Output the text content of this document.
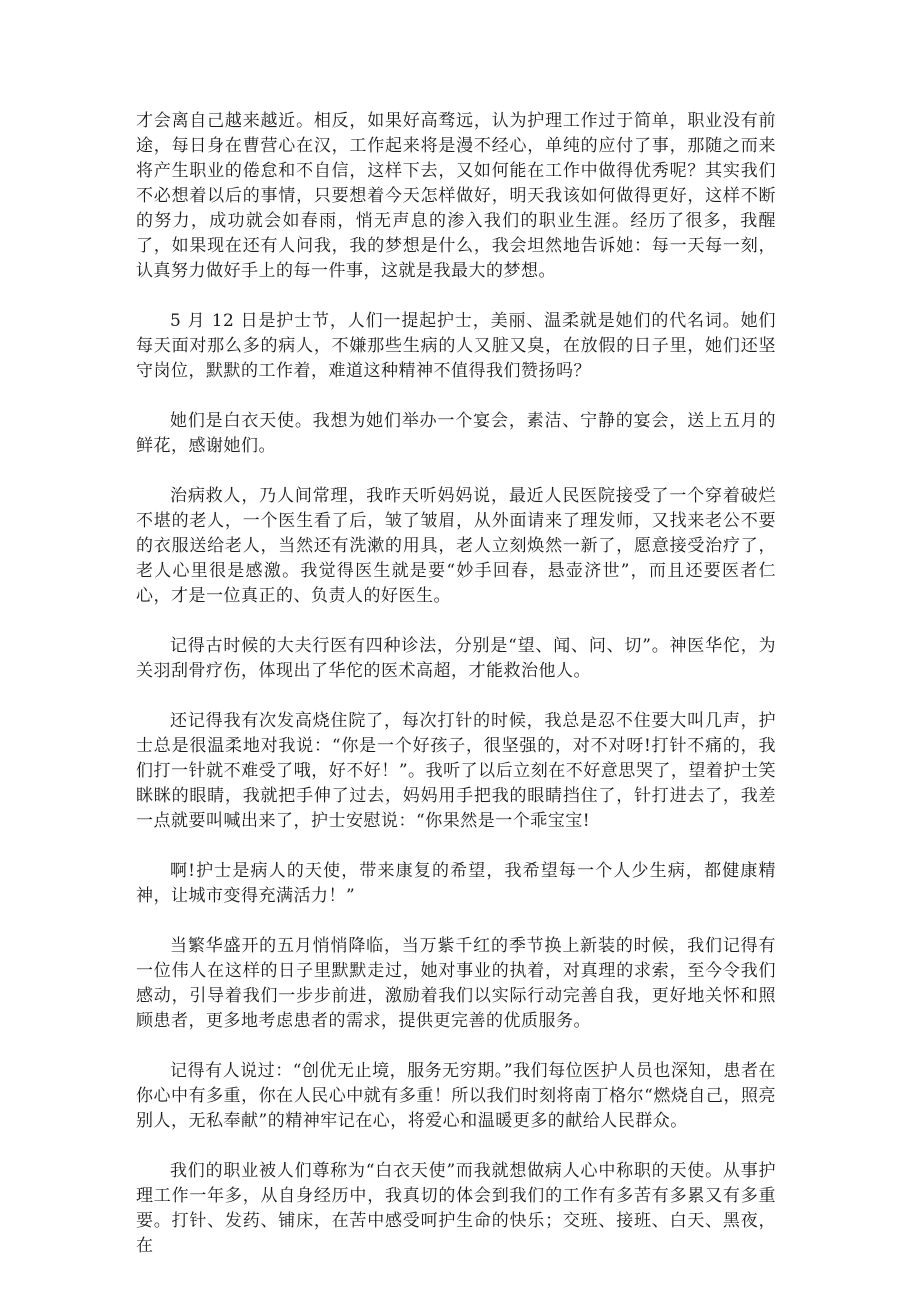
才会离自己越来越近。相反，如果好高骛远，认为护理工作过于简单，职业没有前途，每日身在曹营心在汉，工作起来将是漫不经心，单纯的应付了事，那随之而来将产生职业的倦怠和不自信，这样下去，又如何能在工作中做得优秀呢？其实我们不必想着以后的事情，只要想着今天怎样做好，明天我该如何做得更好，这样不断的努力，成功就会如春雨，悄无声息的渗入我们的职业生涯。经历了很多，我醒了，如果现在还有人问我，我的梦想是什么，我会坦然地告诉她：每一天每一刻，认真努力做好手上的每一件事，这就是我最大的梦想。

5 月 12 日是护士节，人们一提起护士，美丽、温柔就是她们的代名词。她们每天面对那么多的病人，不嫌那些生病的人又脏又臭，在放假的日子里，她们还坚守岗位，默默的工作着，难道这种精神不值得我们赞扬吗？

她们是白衣天使。我想为她们举办一个宴会，素洁、宁静的宴会，送上五月的鲜花，感谢她们。

治病救人，乃人间常理，我昨天听妈妈说，最近人民医院接受了一个穿着破烂不堪的老人，一个医生看了后，皱了皱眉，从外面请来了理发师，又找来老公不要的衣服送给老人，当然还有洗漱的用具，老人立刻焕然一新了，愿意接受治疗了，老人心里很是感激。我觉得医生就是要“妙手回春，悬壶济世”，而且还要医者仁心，才是一位真正的、负责人的好医生。

记得古时候的大夫行医有四种诊法，分别是“望、闻、问、切”。神医华佗，为关羽刮骨疗伤，体现出了华佗的医术高超，才能救治他人。

还记得我有次发高烧住院了，每次打针的时候，我总是忍不住要大叫几声，护士总是很温柔地对我说：“你是一个好孩子，很坚强的，对不对呀!打针不痛的，我们打一针就不难受了哦，好不好！”。我听了以后立刻在不好意思哭了，望着护士笑眯眯的眼睛，我就把手伸了过去，妈妈用手把我的眼睛挡住了，针打进去了，我差一点就要叫喊出来了，护士安慰说：“你果然是一个乖宝宝!

啊!护士是病人的天使，带来康复的希望，我希望每一个人少生病，都健康精神，让城市变得充满活力！”

当繁华盛开的五月悄悄降临，当万紫千红的季节换上新装的时候，我们记得有一位伟人在这样的日子里默默走过，她对事业的执着，对真理的求索，至今令我们感动，引导着我们一步步前进，激励着我们以实际行动完善自我，更好地关怀和照顾患者，更多地考虑患者的需求，提供更完善的优质服务。

记得有人说过：“创优无止境，服务无穷期。”我们每位医护人员也深知，患者在你心中有多重，你在人民心中就有多重！所以我们时刻将南丁格尔“燃烧自己，照亮别人，无私奉献”的精神牢记在心，将爱心和温暖更多的献给人民群众。

我们的职业被人们尊称为“白衣天使”而我就想做病人心中称职的天使。从事护理工作一年多，从自身经历中，我真切的体会到我们的工作有多苦有多累又有多重要。打针、发药、铺床，在苦中感受呵护生命的快乐；交班、接班、白天、黑夜，在
